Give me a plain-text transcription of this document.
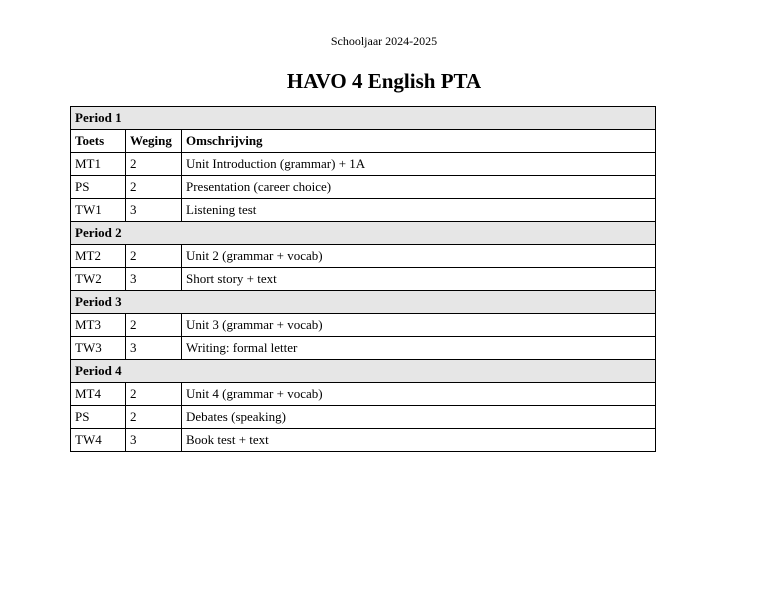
Schooljaar 2024-2025
HAVO 4 English PTA
Period 1		
Toets	Weging	Omschrijving
MT1	2	Unit Introduction (grammar) + 1A
PS	2	Presentation (career choice)
TW1	3	Listening test
Period 2		
MT2	2	Unit 2 (grammar + vocab)
TW2	3	Short story + text
Period 3		
MT3	2	Unit 3 (grammar + vocab)
TW3	3	Writing: formal letter
Period 4		
MT4	2	Unit 4 (grammar + vocab)
PS	2	Debates (speaking)
TW4	3	Book test + text
